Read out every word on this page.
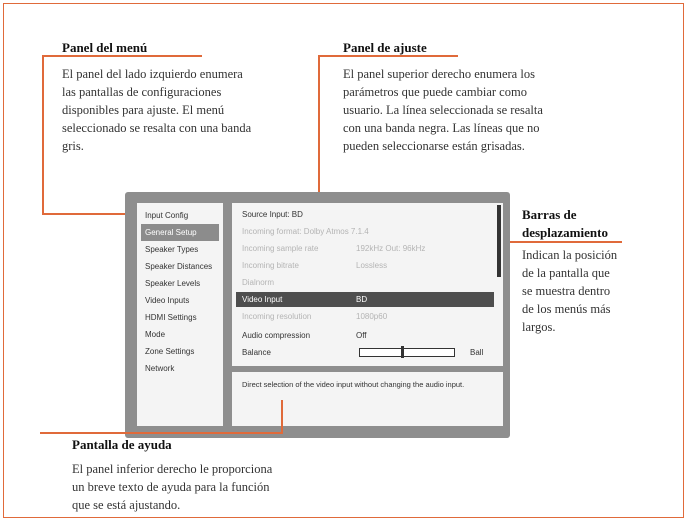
Panel del menú
El panel del lado izquierdo enumera
las pantallas de configuraciones
disponibles para ajuste. El menú
seleccionado se resalta con una banda
gris.
Panel de ajuste
El panel superior derecho enumera los
parámetros que puede cambiar como
usuario. La línea seleccionada se resalta
con una banda negra. Las líneas que no
pueden seleccionarse están grisadas.
Barras de
desplazamiento
Indican la posición
de la pantalla que
se muestra dentro
de los menús más
largos.
Input Config
General Setup
Speaker Types
Speaker Distances
Speaker Levels
Video Inputs
HDMI Settings
Mode
Zone Settings
Network
Source Input: BD
Incoming format: Dolby Atmos 7.1.4
Incoming sample rate	192kHz Out: 96kHz
Incoming bitrate	Lossless
Dialnorm
Video Input	BD
Incoming resolution	1080p60
Audio compression	Off
Balance	Ball
Direct selection of the video input without changing the audio input.
Pantalla de ayuda
El panel inferior derecho le proporciona
un breve texto de ayuda para la función
que se está ajustando.
